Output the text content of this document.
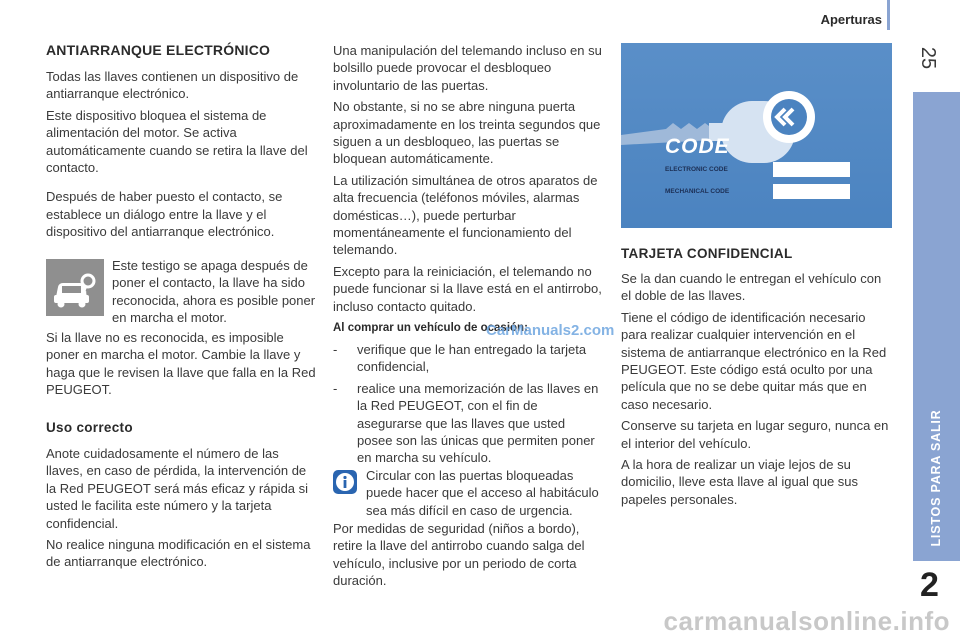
Aperturas
25
LISTOS PARA SALIR
2

ANTIARRANQUE ELECTRÓNICO

Todas las llaves contienen un dispositivo de antiarranque electrónico.

Este dispositivo bloquea el sistema de alimentación del motor. Se activa automáticamente cuando se retira la llave del contacto.

Después de haber puesto el contacto, se establece un diálogo entre la llave y el dispositivo del antiarranque electrónico.

Este testigo se apaga después de poner el contacto, la llave ha sido reconocida, ahora es posible poner en marcha el motor.

Si la llave no es reconocida, es imposible poner en marcha el motor. Cambie la llave y haga que le revisen la llave que falla en la Red PEUGEOT.

Uso correcto

Anote cuidadosamente el número de las llaves, en caso de pérdida, la intervención de la Red PEUGEOT será más eficaz y rápida si usted le facilita este número y la tarjeta confidencial.

No realice ninguna modificación en el sistema de antiarranque electrónico.

Una manipulación del telemando incluso en su bolsillo puede provocar el desbloqueo involuntario de las puertas.

No obstante, si no se abre ninguna puerta aproximadamente en los treinta segundos que siguen a un desbloqueo, las puertas se bloquean automáticamente.

La utilización simultánea de otros aparatos de alta frecuencia (teléfonos móviles, alarmas domésticas…), puede perturbar momentáneamente el funcionamiento del telemando.

Excepto para la reiniciación, el telemando no puede funcionar si la llave está en el antirrobo, incluso contacto quitado.

Al comprar un vehículo de ocasión:

CarManuals2.com
- verifique que le han entregado la tarjeta confidencial,
- realice una memorización de las llaves en la Red PEUGEOT, con el fin de asegurarse que las llaves que usted posee son las únicas que permiten poner en marcha su vehículo.

Circular con las puertas bloqueadas puede hacer que el acceso al habitáculo sea más difícil en caso de urgencia.

Por medidas de seguridad (niños a bordo), retire la llave del antirrobo cuando salga del vehículo, inclusive por un periodo de corta duración.

CODE
ELECTRONIC CODE
MECHANICAL CODE

TARJETA CONFIDENCIAL

Se la dan cuando le entregan el vehículo con el doble de las llaves.

Tiene el código de identificación necesario para realizar cualquier intervención en el sistema de antiarranque electrónico en la Red PEUGEOT. Este código está oculto por una película que no se debe quitar más que en caso necesario.

Conserve su tarjeta en lugar seguro, nunca en el interior del vehículo.

A la hora de realizar un viaje lejos de su domicilio, lleve esta llave al igual que sus papeles personales.

carmanualsonline.info
